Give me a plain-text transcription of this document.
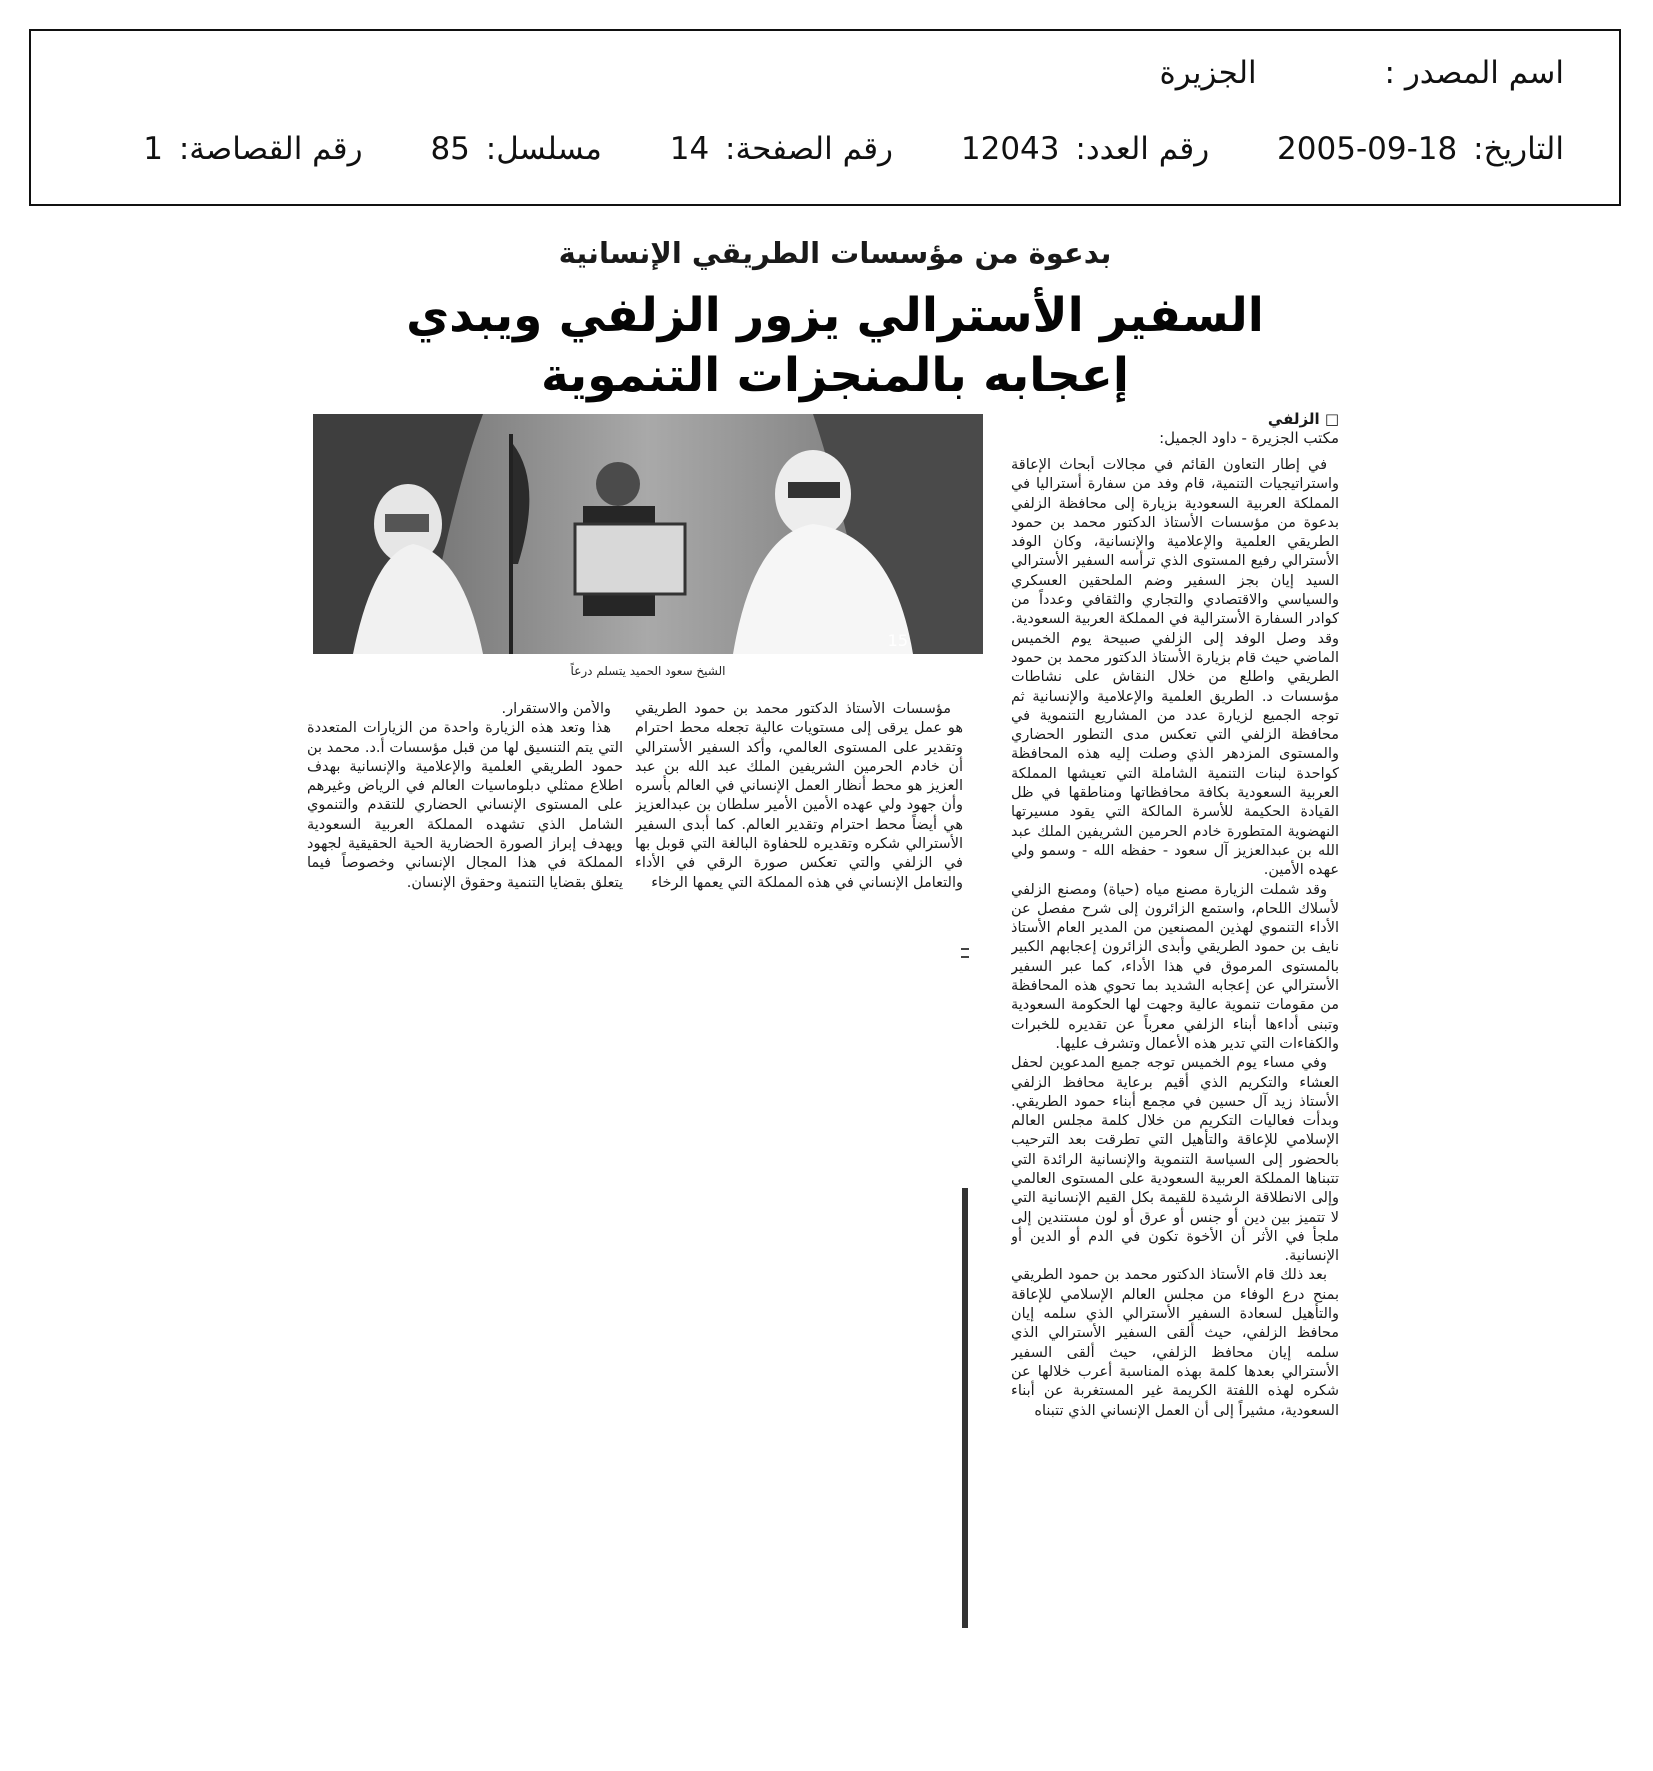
اسم المصدر : الجزيرة
التاريخ: 2005-09-18 رقم العدد: 12043 رقم الصفحة: 14 مسلسل: 85 رقم القصاصة: 1
بدعوة من مؤسسات الطريقي الإنسانية
السفير الأسترالي يزور الزلفي ويبدي
إعجابه بالمنجزات التنموية
15
الشيخ سعود الحميد يتسلم درعاً
□ الزلفي
مكتب الجزيرة - داود الجميل:

في إطار التعاون القائم في مجالات أبحاث الإعاقة واستراتيجيات التنمية، قام وفد من سفارة أستراليا في المملكة العربية السعودية بزيارة إلى محافظة الزلفي بدعوة من مؤسسات الأستاذ الدكتور محمد بن حمود الطريقي العلمية والإعلامية والإنسانية، وكان الوفد الأسترالي رفيع المستوى الذي ترأسه السفير الأسترالي السيد إيان بجز السفير وضم الملحقين العسكري والسياسي والاقتصادي والتجاري والثقافي وعدداً من كوادر السفارة الأسترالية في المملكة العربية السعودية. وقد وصل الوفد إلى الزلفي صبيحة يوم الخميس الماضي حيث قام بزيارة الأستاذ الدكتور محمد بن حمود الطريقي واطلع من خلال النقاش على نشاطات مؤسسات د. الطريق العلمية والإعلامية والإنسانية ثم توجه الجميع لزيارة عدد من المشاريع التنموية في محافظة الزلفي التي تعكس مدى التطور الحضاري والمستوى المزدهر الذي وصلت إليه هذه المحافظة كواحدة لبنات التنمية الشاملة التي تعيشها المملكة العربية السعودية بكافة محافظاتها ومناطقها في ظل القيادة الحكيمة للأسرة المالكة التي يقود مسيرتها النهضوية المتطورة خادم الحرمين الشريفين الملك عبد الله بن عبدالعزيز آل سعود - حفظه الله - وسمو ولي عهده الأمين.

وقد شملت الزيارة مصنع مياه (حياة) ومصنع الزلفي لأسلاك اللحام، واستمع الزائرون إلى شرح مفصل عن الأداء التنموي لهذين المصنعين من المدير العام الأستاذ نايف بن حمود الطريقي وأبدى الزائرون إعجابهم الكبير بالمستوى المرموق في هذا الأداء، كما عبر السفير الأسترالي عن إعجابه الشديد بما تحوي هذه المحافظة من مقومات تنموية عالية وجهت لها الحكومة السعودية وتبنى أداءها أبناء الزلفي معرباً عن تقديره للخبرات والكفاءات التي تدير هذه الأعمال وتشرف عليها.

وفي مساء يوم الخميس توجه جميع المدعوين لحفل العشاء والتكريم الذي أقيم برعاية محافظ الزلفي الأستاذ زيد آل حسين في مجمع أبناء حمود الطريقي. وبدأت فعاليات التكريم من خلال كلمة مجلس العالم الإسلامي للإعاقة والتأهيل التي تطرقت بعد الترحيب بالحضور إلى السياسة التنموية والإنسانية الرائدة التي تتبناها المملكة العربية السعودية على المستوى العالمي وإلى الانطلاقة الرشيدة للقيمة بكل القيم الإنسانية التي لا تتميز بين دين أو جنس أو عرق أو لون مستندين إلى ملجأ في الأثر أن الأخوة تكون في الدم أو الدين أو الإنسانية.

بعد ذلك قام الأستاذ الدكتور محمد بن حمود الطريقي بمنح درع الوفاء من مجلس العالم الإسلامي للإعاقة والتأهيل لسعادة السفير الأسترالي الذي سلمه إيان محافظ الزلفي، حيث ألقى السفير الأسترالي الذي سلمه إيان محافظ الزلفي، حيث ألقى السفير الأسترالي بعدها كلمة بهذه المناسبة أعرب خلالها عن شكره لهذه اللفتة الكريمة غير المستغربة عن أبناء السعودية، مشيراً إلى أن العمل الإنساني الذي تتبناه

مؤسسات الأستاذ الدكتور محمد بن حمود الطريقي هو عمل يرقى إلى مستويات عالية تجعله محط احترام وتقدير على المستوى العالمي، وأكد السفير الأسترالي أن خادم الحرمين الشريفين الملك عبد الله بن عبد العزيز هو محط أنظار العمل الإنساني في العالم بأسره وأن جهود ولي عهده الأمين الأمير سلطان بن عبدالعزيز هي أيضاً محط احترام وتقدير العالم. كما أبدى السفير الأسترالي شكره وتقديره للحفاوة البالغة التي قوبل بها في الزلفي والتي تعكس صورة الرقي في الأداء والتعامل الإنساني في هذه المملكة التي يعمها الرخاء

والأمن والاستقرار.

هذا وتعد هذه الزيارة واحدة من الزيارات المتعددة التي يتم التنسيق لها من قبل مؤسسات أ.د. محمد بن حمود الطريقي العلمية والإعلامية والإنسانية بهدف اطلاع ممثلي دبلوماسيات العالم في الرياض وغيرهم على المستوى الإنساني الحضاري للتقدم والتنموي الشامل الذي تشهده المملكة العربية السعودية ويهدف إبراز الصورة الحضارية الحية الحقيقية لجهود المملكة في هذا المجال الإنساني وخصوصاً فيما يتعلق بقضايا التنمية وحقوق الإنسان.
